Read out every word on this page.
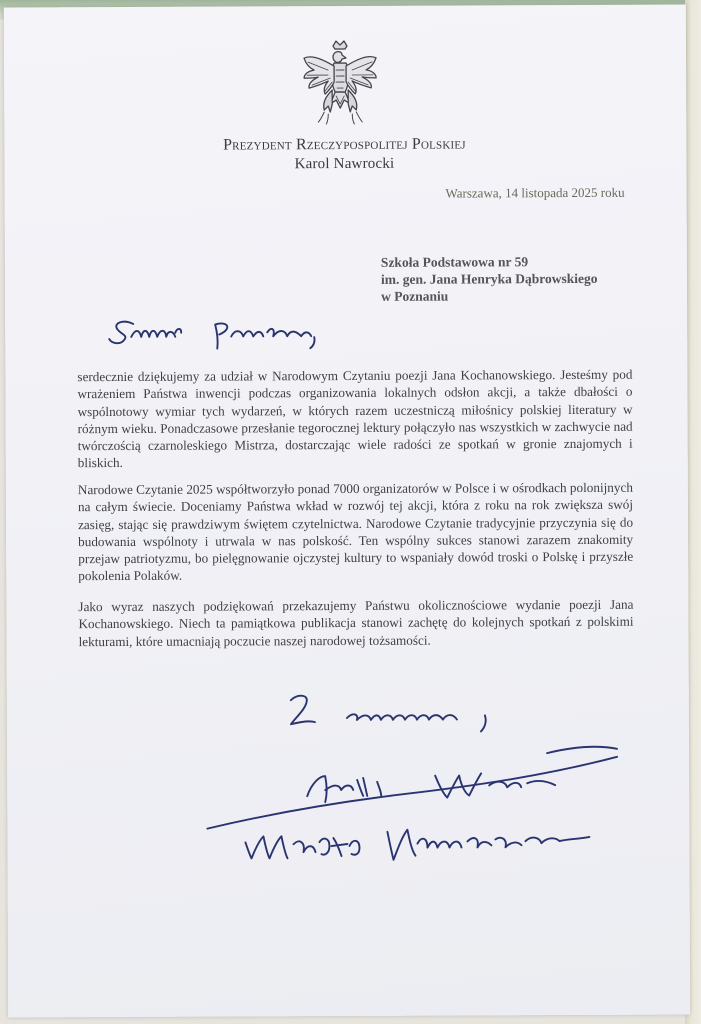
Prezydent Rzeczypospolitej Polskiej
Karol Nawrocki
Warszawa, 14 listopada 2025 roku
Szkoła Podstawowa nr 59
im. gen. Jana Henryka Dąbrowskiego
w Poznaniu
serdecznie dziękujemy za udział w Narodowym Czytaniu poezji Jana Kochanowskiego. Jesteśmy pod wrażeniem Państwa inwencji podczas organizowania lokalnych odsłon akcji, a także dbałości o wspólnotowy wymiar tych wydarzeń, w których razem uczestniczą miłośnicy polskiej literatury w różnym wieku. Ponadczasowe przesłanie tegorocznej lektury połączyło nas wszystkich w zachwycie nad twórczością czarnoleskiego Mistrza, dostarczając wiele radości ze spotkań w gronie znajomych i bliskich.
Narodowe Czytanie 2025 współtworzyło ponad 7000 organizatorów w Polsce i w ośrodkach polonijnych na całym świecie. Doceniamy Państwa wkład w rozwój tej akcji, która z roku na rok zwiększa swój zasięg, stając się prawdziwym świętem czytelnictwa. Narodowe Czytanie tradycyjnie przyczynia się do budowania wspólnoty i utrwala w nas polskość. Ten wspólny sukces stanowi zarazem znakomity przejaw patriotyzmu, bo pielęgnowanie ojczystej kultury to wspaniały dowód troski o Polskę i przyszłe pokolenia Polaków.
Jako wyraz naszych podziękowań przekazujemy Państwu okolicznościowe wydanie poezji Jana Kochanowskiego. Niech ta pamiątkowa publikacja stanowi zachętę do kolejnych spotkań z polskimi lekturami, które umacniają poczucie naszej narodowej tożsamości.
